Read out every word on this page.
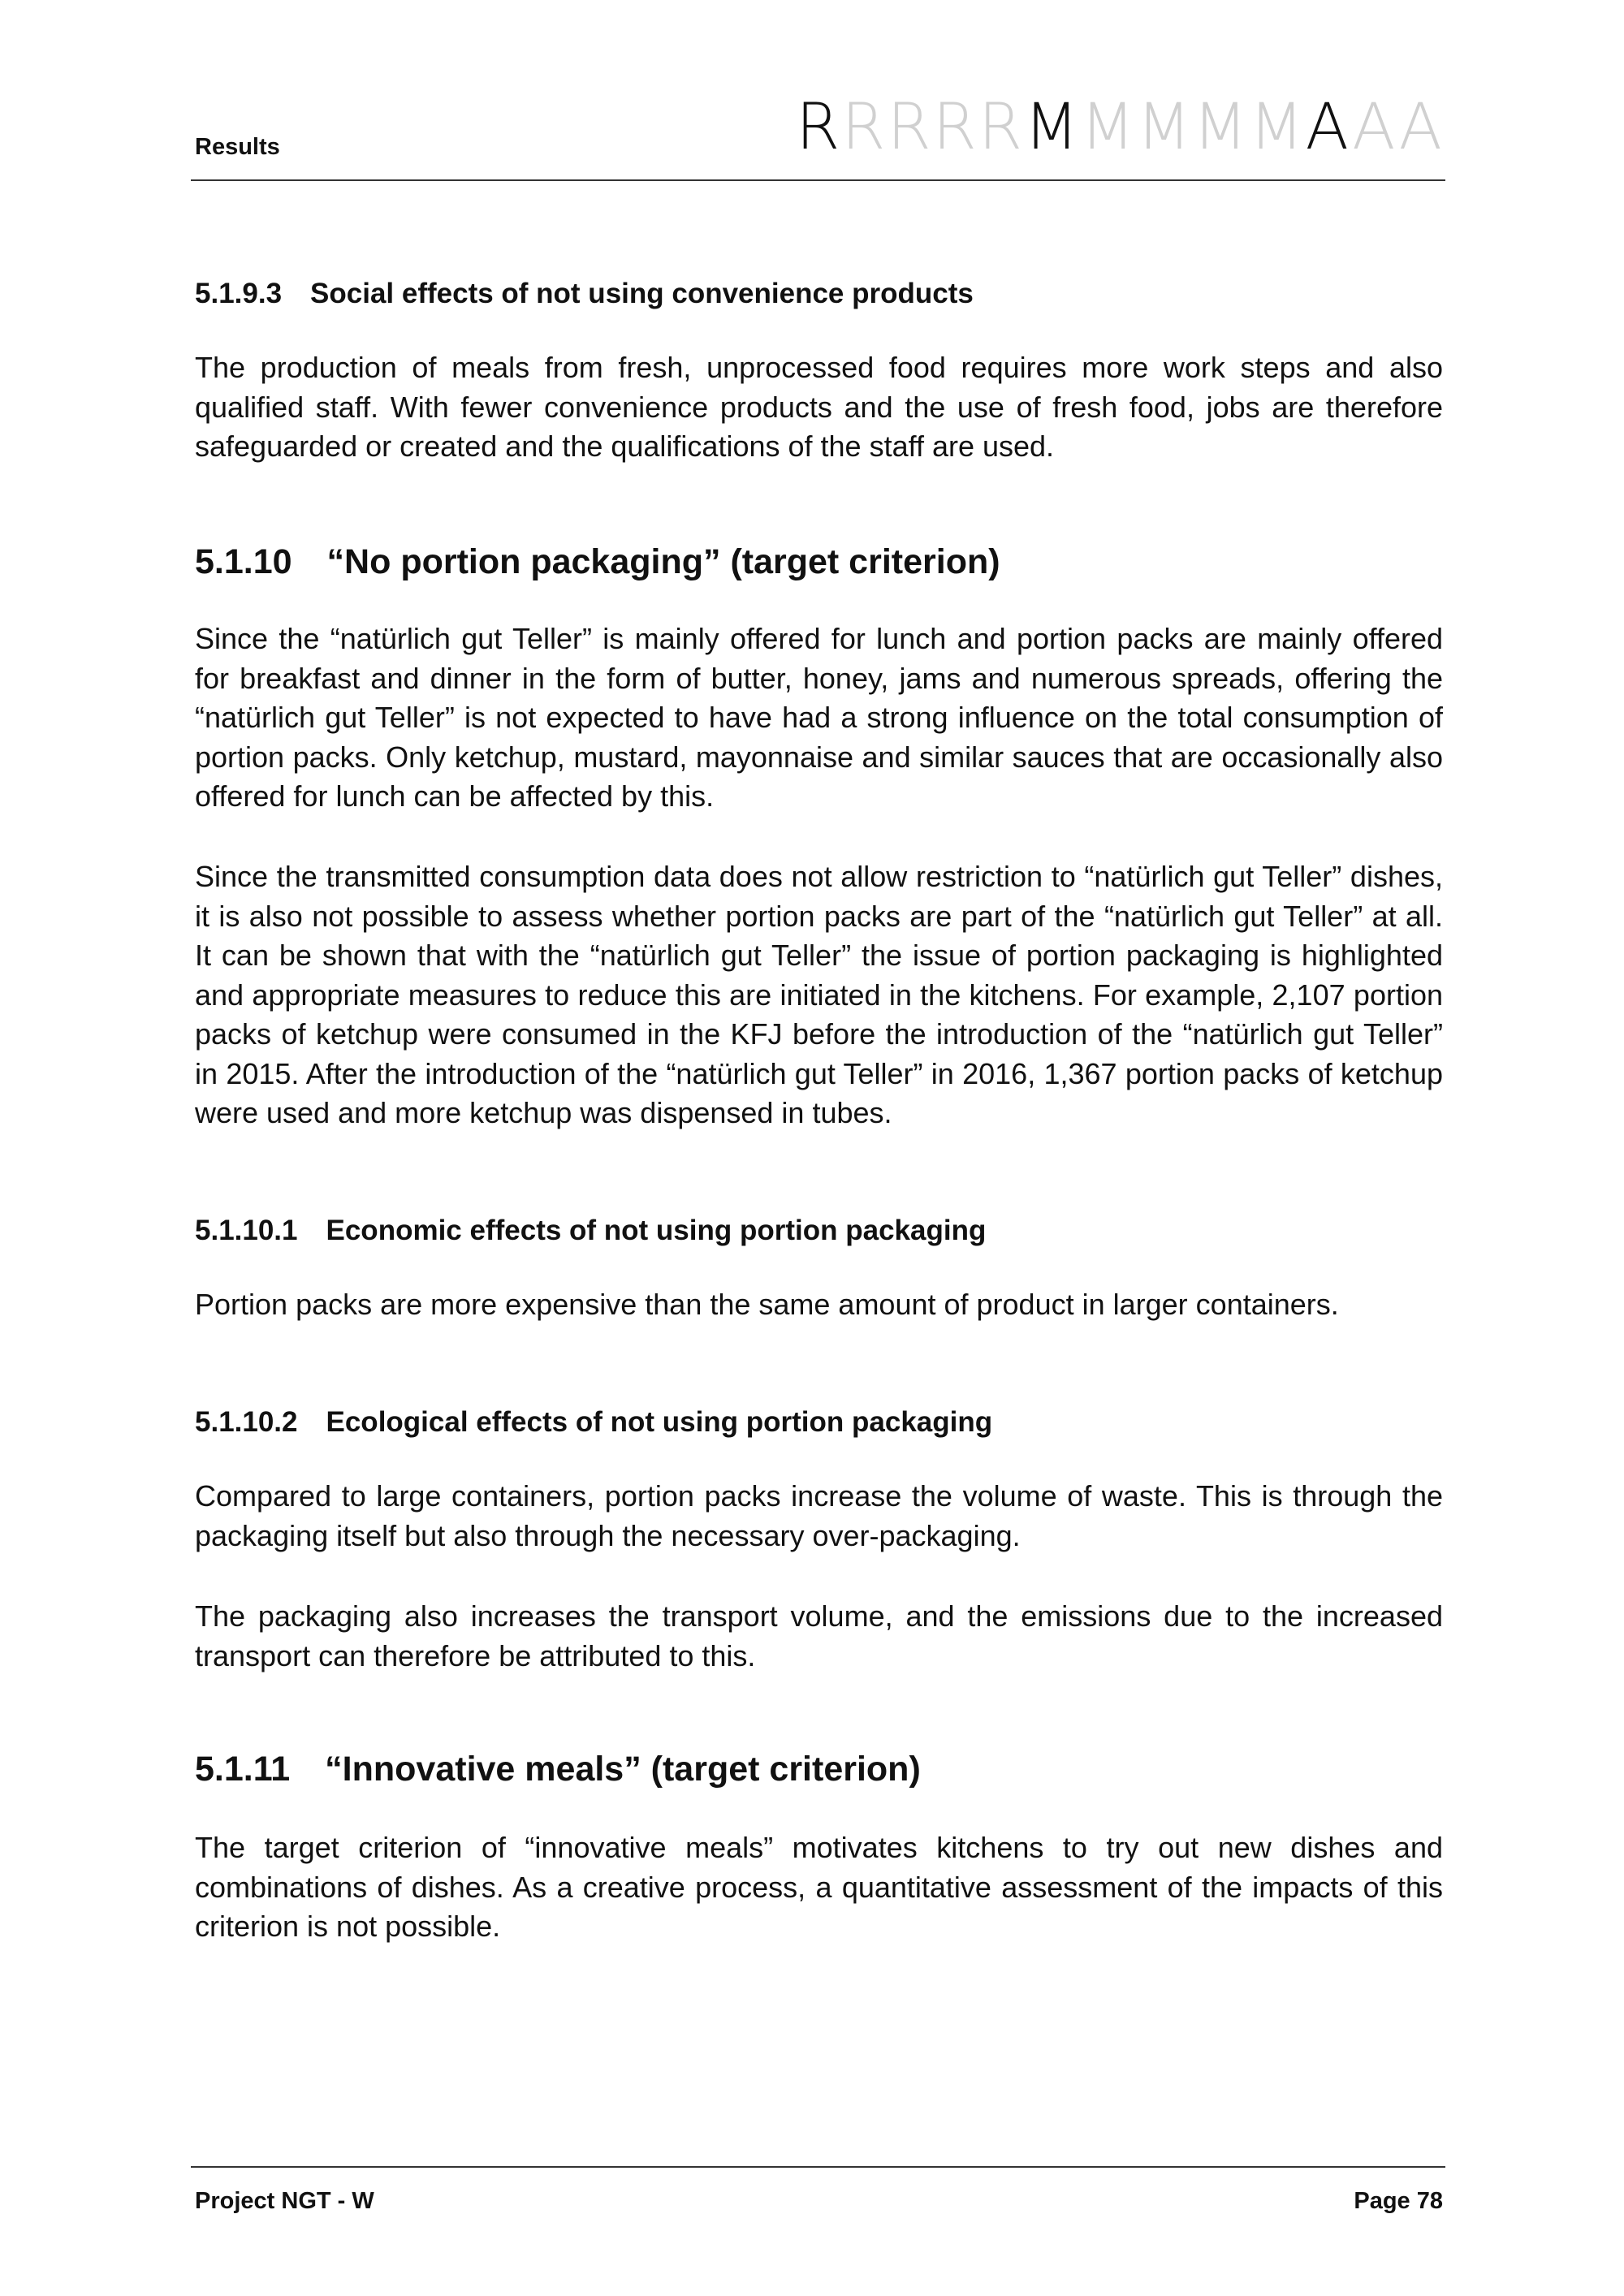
Results	RRRRRMMMMMAAA
5.1.9.3 Social effects of not using convenience products

The production of meals from fresh, unprocessed food requires more work steps and also qualified staff. With fewer convenience products and the use of fresh food, jobs are therefore safeguarded or created and the qualifications of the staff are used.

5.1.10 “No portion packaging” (target criterion)

Since the “natürlich gut Teller” is mainly offered for lunch and portion packs are mainly offered for breakfast and dinner in the form of butter, honey, jams and numerous spreads, offering the “natürlich gut Teller” is not expected to have had a strong influence on the total consumption of portion packs. Only ketchup, mustard, mayonnaise and similar sauces that are occasionally also offered for lunch can be affected by this.

Since the transmitted consumption data does not allow restriction to “natürlich gut Teller” dishes, it is also not possible to assess whether portion packs are part of the “natürlich gut Teller” at all. It can be shown that with the “natürlich gut Teller” the issue of portion packaging is highlighted and appropriate measures to reduce this are initiated in the kitchens. For example, 2,107 portion packs of ketchup were consumed in the KFJ before the introduction of the “natürlich gut Teller” in 2015. After the introduction of the “natürlich gut Teller” in 2016, 1,367 portion packs of ketchup were used and more ketchup was dispensed in tubes.

5.1.10.1 Economic effects of not using portion packaging

Portion packs are more expensive than the same amount of product in larger containers.

5.1.10.2 Ecological effects of not using portion packaging

Compared to large containers, portion packs increase the volume of waste. This is through the packaging itself but also through the necessary over-packaging.

The packaging also increases the transport volume, and the emissions due to the increased transport can therefore be attributed to this.

5.1.11 “Innovative meals” (target criterion)

The target criterion of “innovative meals” motivates kitchens to try out new dishes and combinations of dishes. As a creative process, a quantitative assessment of the impacts of this criterion is not possible.

Project NGT - W	Page 78
